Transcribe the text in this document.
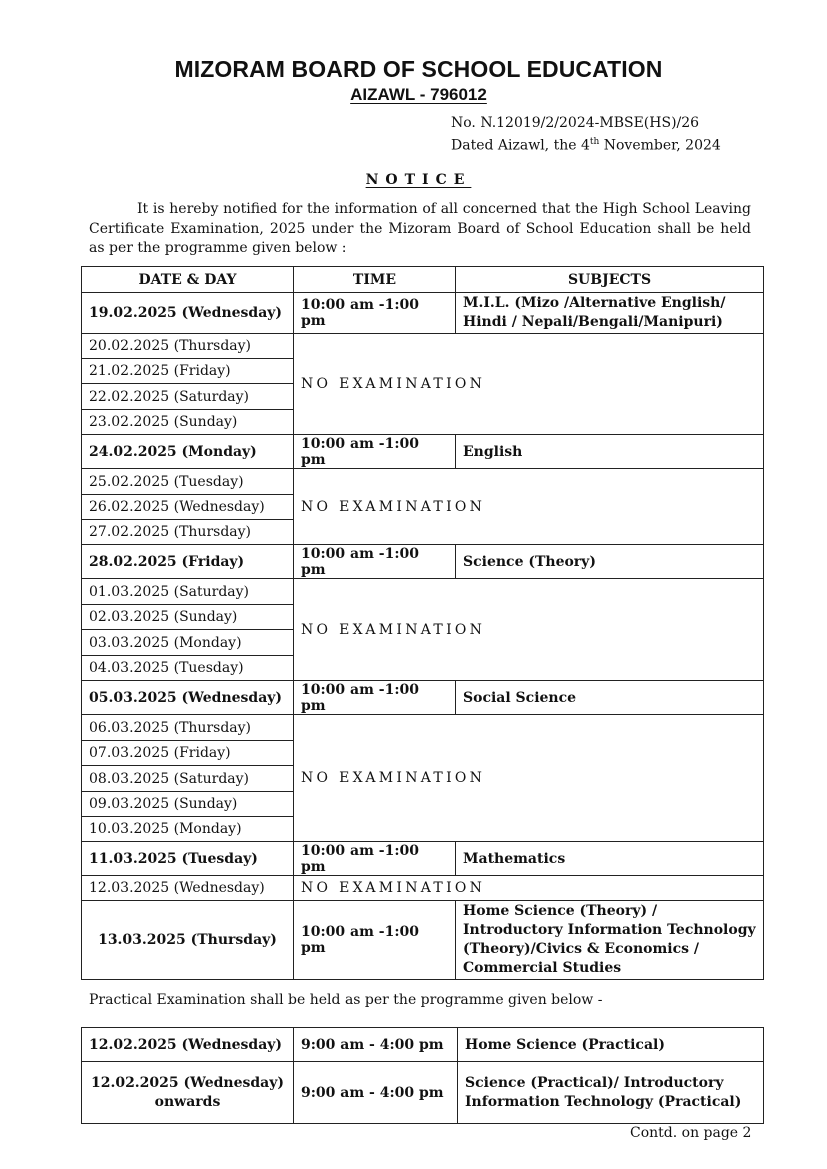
MIZORAM BOARD OF SCHOOL EDUCATION
AIZAWL - 796012
No. N.12019/2/2024-MBSE(HS)/26
Dated Aizawl, the 4th November, 2024
NOTICE
It is hereby notified for the information of all concerned that the High School Leaving Certificate Examination, 2025 under the Mizoram Board of School Education shall be held as per the programme given below :
DATE & DAY	TIME	SUBJECTS
19.02.2025 (Wednesday)	10:00 am -1:00 pm	M.I.L. (Mizo /Alternative English/ Hindi / Nepali/Bengali/Manipuri)
20.02.2025 (Thursday)	NO EXAMINATION	
21.02.2025 (Friday)		
22.02.2025 (Saturday)		
23.02.2025 (Sunday)		
24.02.2025 (Monday)	10:00 am -1:00 pm	English
25.02.2025 (Tuesday)	NO EXAMINATION	
26.02.2025 (Wednesday)		
27.02.2025 (Thursday)		
28.02.2025 (Friday)	10:00 am -1:00 pm	Science (Theory)
01.03.2025 (Saturday)	NO EXAMINATION	
02.03.2025 (Sunday)		
03.03.2025 (Monday)		
04.03.2025 (Tuesday)		
05.03.2025 (Wednesday)	10:00 am -1:00 pm	Social Science
06.03.2025 (Thursday)	NO EXAMINATION	
07.03.2025 (Friday)		
08.03.2025 (Saturday)		
09.03.2025 (Sunday)		
10.03.2025 (Monday)		
11.03.2025 (Tuesday)	10:00 am -1:00 pm	Mathematics
12.03.2025 (Wednesday)	NO EXAMINATION	
13.03.2025 (Thursday)	10:00 am -1:00 pm	Home Science (Theory) / Introductory Information Technology (Theory)/Civics & Economics / Commercial Studies
Practical Examination shall be held as per the programme given below -
12.02.2025 (Wednesday)	9:00 am - 4:00 pm	Home Science (Practical)

12.02.2025 (Wednesday)
onwards	9:00 am - 4:00 pm	Science (Practical)/ Introductory Information Technology (Practical)
Contd. on page 2
